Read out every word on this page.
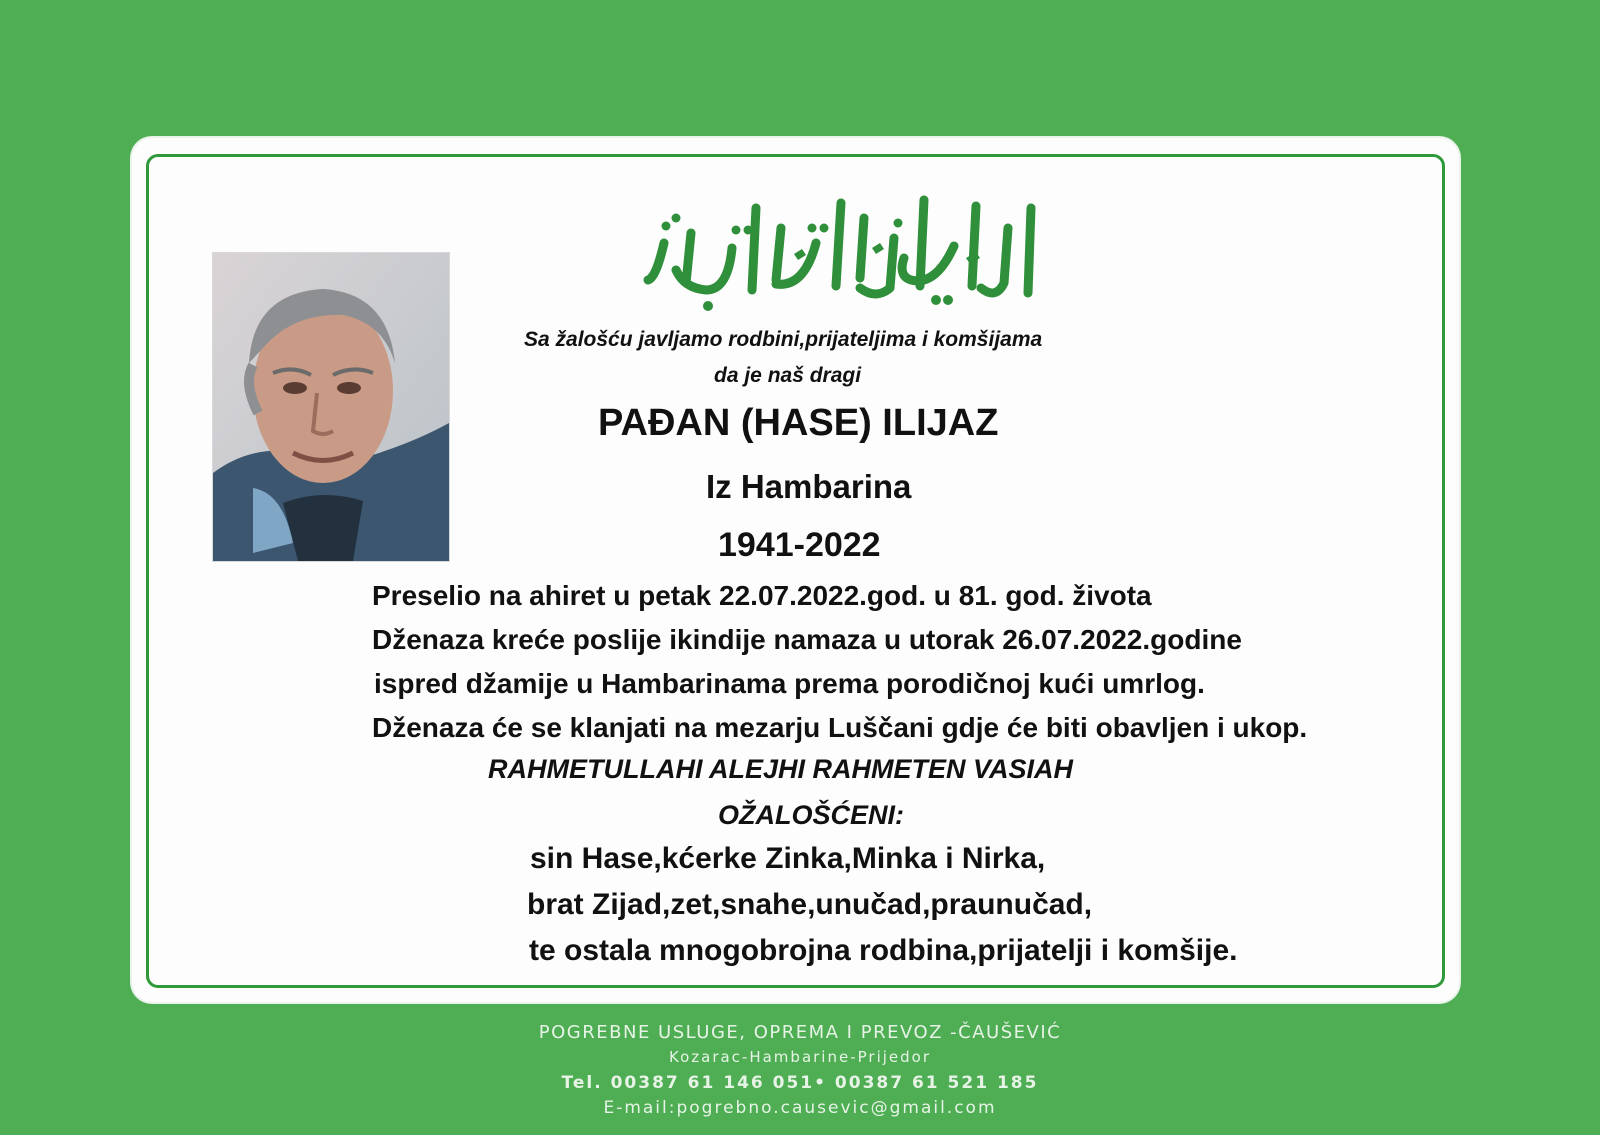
Sa žalošću javljamo rodbini,prijateljima i komšijama
da je naš dragi
PAĐAN (HASE) ILIJAZ
Iz Hambarina
1941-2022
Preselio na ahiret u petak 22.07.2022.god. u 81. god. života
Dženaza kreće poslije ikindije namaza u utorak 26.07.2022.godine
ispred džamije u Hambarinama prema porodičnoj kući umrlog.
Dženaza će se klanjati na mezarju Luščani gdje će biti obavljen i ukop.
RAHMETULLAHI ALEJHI RAHMETEN VASIAH
OŽALOŠĆENI:
sin Hase,kćerke Zinka,Minka i Nirka,
brat Zijad,zet,snahe,unučad,praunučad,
te ostala mnogobrojna rodbina,prijatelji i komšije.
POGREBNE USLUGE, OPREMA I PREVOZ -ČAUŠEVIĆ
Kozarac-Hambarine-Prijedor
Tel. 00387 61 146 051• 00387 61 521 185
E-mail:pogrebno.causevic@gmail.com
